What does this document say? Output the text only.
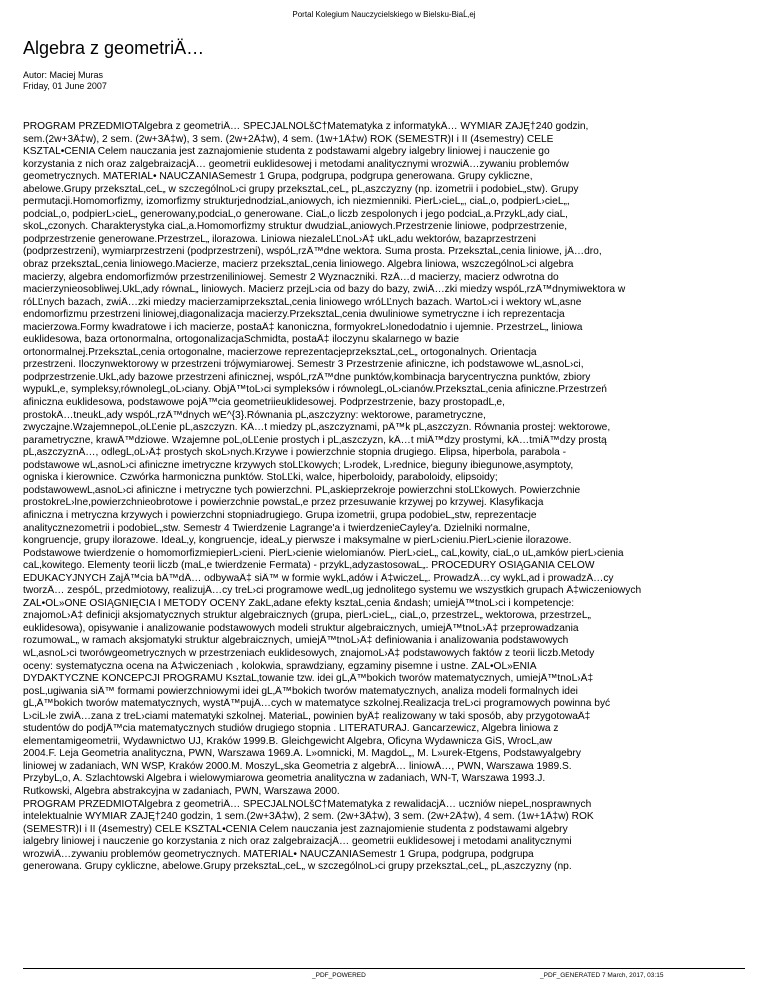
Portal Kolegium Nauczycielskiego w Bielsku-BiaĹ‚ej
Algebra z geometriÄ…
Autor: Maciej Muras
Friday, 01 June 2007
PROGRAM PRZEDMIOTAlgebra z geometriÄ… SPECJALNOĹšĆ†Matematyka z informatykÄ… WYMIAR ZAJĘ†240 godzin,
sem.(2w+3Ä‡w), 2 sem. (2w+3Ä‡w), 3 sem. (2w+2Ä‡w), 4 sem. (1w+1Ä‡w) ROK (SEMESTR)I i II (4semestry) CELE
KSZTAĹ•CENIA Celem nauczania jest zaznajomienie studenta z podstawami algebry ialgebry liniowej i nauczenie go
korzystania z nich oraz zalgebraizacjÄ… geometrii euklidesowej i metodami analitycznymi wrozwiÄ…zywaniu problemów
geometrycznych. MATERIAĹ• NAUCZANIASemestr 1 Grupa, podgrupa, podgrupa generowana. Grupy cykliczne,
abelowe.Grupy przeksztaĹ‚ceĹ„ w szczególnoĹ›ci grupy przeksztaĹ‚ceĹ„ pĹ‚aszczyzny (np. izometrii i podobieĹ„stw). Grupy
permutacji.Homomorfizmy, izomorfizmy strukturjednodziaĹ‚aniowych, ich niezmienniki. PierĹ›cieĹ„, ciaĹ‚o, podpierĹ›cieĹ„,
podciaĹ‚o, podpierĹ›cieĹ„ generowany,podciaĹ‚o generowane. CiaĹ‚o liczb zespolonych i jego podciaĹ‚a.PrzykĹ‚ady ciaĹ‚
skoĹ„czonych. Charakterystyka ciaĹ‚a.Homomorfizmy struktur dwudziaĹ‚aniowych.Przestrzenie liniowe, podprzestrzenie,
podprzestrzenie generowane.PrzestrzeĹ„ ilorazowa. Liniowa niezaleĹĽnoĹ›Ä‡ ukĹ‚adu wektorów, bazaprzestrzeni
(podprzestrzeni), wymiarprzestrzeni (podprzestrzeni), wspóĹ‚rzÄ™dne wektora. Suma prosta. PrzeksztaĹ‚cenia liniowe, jÄ…dro,
obraz przeksztaĹ‚cenia liniowego.Macierze, macierz przeksztaĹ‚cenia liniowego. Algebra liniowa, wszczególnoĹ›ci algebra
macierzy, algebra endomorfizmów przestrzeniliniowej. Semestr 2 Wyznaczniki. RzÄ…d macierzy, macierz odwrotna do
macierzynieosobliwej.UkĹ‚ady równaĹ„ liniowych. Macierz przejĹ›cia od bazy do bazy, zwiÄ…zki miedzy wspóĹ‚rzÄ™dnymiwektora w
róĹĽnych bazach, zwiÄ…zki miedzy macierzamiprzeksztaĹ‚cenia liniowego wróĹĽnych bazach. WartoĹ›ci i wektory wĹ‚asne
endomorfizmu przestrzeni liniowej,diagonalizacja macierzy.PrzeksztaĹ‚cenia dwuliniowe symetryczne i ich reprezentacja
macierzowa.Formy kwadratowe i ich macierze, postaÄ‡ kanoniczna, formyokreĹ›lonedodatnio i ujemnie. PrzestrzeĹ„ liniowa
euklidesowa, baza ortonormalna, ortogonalizacjaSchmidta, postaÄ‡ iloczynu skalarnego w bazie
ortonormalnej.PrzeksztaĹ‚cenia ortogonalne, macierzowe reprezentacjeprzeksztaĹ‚ceĹ„ ortogonalnych. Orientacja
przestrzeni. Iloczynwektorowy w przestrzeni trójwymiarowej. Semestr 3 Przestrzenie afiniczne, ich podstawowe wĹ‚asnoĹ›ci,
podprzestrzenie.UkĹ‚ady bazowe przestrzeni afinicznej, wspóĹ‚rzÄ™dne punktów,kombinacja barycentryczna punktów, zbiory
wypukĹ‚e, sympleksy,równolegĹ‚oĹ›ciany. ObjÄ™toĹ›ci sympleksów i równolegĹ‚oĹ›cianów.PrzeksztaĹ‚cenia afiniczne.Przestrzeń
afiniczna euklidesowa, podstawowe pojÄ™cia geometriieuklidesowej. Podprzestrzenie, bazy prostopadĹ‚e,
prostokÄ…tneukĹ‚ady wspóĹ‚rzÄ™dnych wE^{3}.Równania pĹ‚aszczyzny: wektorowe, parametryczne,
zwyczajne.WzajemnepoĹ‚oĹĽenie pĹ‚aszczyzn. KÄ…t miedzy pĹ‚aszczyznami, pÄ™k pĹ‚aszczyzn. Równania prostej: wektorowe,
parametryczne, krawÄ™dziowe. Wzajemne poĹ‚oĹĽenie prostych i pĹ‚aszczyzn, kÄ…t miÄ™dzy prostymi, kÄ…tmiÄ™dzy prostą
pĹ‚aszczyznÄ…, odlegĹ‚oĹ›Ä‡ prostych skoĹ›nych.Krzywe i powierzchnie stopnia drugiego. Elipsa, hiperbola, parabola -
podstawowe wĹ‚asnoĹ›ci afiniczne imetryczne krzywych stoĹĽkowych; Ĺ›rodek, Ĺ›rednice, bieguny ibiegunowe,asymptoty,
ogniska i kierownice. Czwórka harmoniczna punktów. StoĹĽki, walce, hiperboloidy, paraboloidy, elipsoidy;
podstawowewĹ‚asnoĹ›ci afiniczne i metryczne tych powierzchni. PĹ‚askieprzekroje powierzchni stoĹĽkowych. Powierzchnie
prostokreĹ›lne,powierzchnieobrotowe i powierzchnie powstaĹ‚e przez przesuwanie krzywej po krzywej. Klasyfikacja
afiniczna i metryczna krzywych i powierzchni stopniadrugiego. Grupa izometrii, grupa podobieĹ„stw, reprezentacje
analitycznezometrii i podobieĹ„stw. Semestr 4 Twierdzenie Lagrange'a i twierdzenieCayley'a. Dzielniki normalne,
kongruencje, grupy ilorazowe. IdeaĹ‚y, kongruencje, ideaĹ‚y pierwsze i maksymalne w pierĹ›cieniu.PierĹ›cienie ilorazowe.
Podstawowe twierdzenie o homomorfizmiepierĹ›cieni. PierĹ›cienie wielomianów. PierĹ›cieĹ„ caĹ‚kowity, ciaĹ‚o uĹ‚amków pierĹ›cienia
caĹ‚kowitego. Elementy teorii liczb (maĹ‚e twierdzenie Fermata) - przykĹ‚adyzastosowaĹ„. PROCEDURY OSIĄGANIA CELÓW
EDUKACYJNYCH ZajÄ™cia bÄ™dÄ… odbywaÄ‡ siÄ™ w formie wykĹ‚adów i Ä‡wiczeĹ„. ProwadzÄ…cy wykĹ‚ad i prowadzÄ…cy
tworzÄ… zespóĹ‚ przedmiotowy, realizujÄ…cy treĹ›ci programowe wedĹ‚ug jednolitego systemu we wszystkich grupach Ä‡wiczeniowych
ZAĹ•OĹ»ONE OSIĄGNIĘCIA I METODY OCENY ZakĹ‚adane efekty ksztaĹ‚cenia &ndash; umiejÄ™tnoĹ›ci i kompetencje:
znajomoĹ›Ä‡ definicji aksjomatycznych struktur algebraicznych (grupa, pierĹ›cieĹ„, ciaĹ‚o, przestrzeĹ„ wektorowa, przestrzeĹ„
euklidesowa), opisywanie i analizowanie podstawowych modeli struktur algebraicznych, umiejÄ™tnoĹ›Ä‡ przeprowadzania
rozumowaĹ„ w ramach aksjomatyki struktur algebraicznych, umiejÄ™tnoĹ›Ä‡ definiowania i analizowania podstawowych
wĹ‚asnoĹ›ci tworówgeometrycznych w przestrzeniach euklidesowych, znajomoĹ›Ä‡ podstawowych faktów z teorii liczb.Metody
oceny: systematyczna ocena na Ä‡wiczeniach , kolokwia, sprawdziany, egzaminy pisemne i ustne. ZAĹ•OĹ»ENIA
DYDAKTYCZNE KONCEPCJI PROGRAMU KsztaĹ‚towanie tzw. idei gĹ‚Ä™bokich tworów matematycznych, umiejÄ™tnoĹ›Ä‡
posĹ‚ugiwania siÄ™ formami powierzchniowymi idei gĹ‚Ä™bokich tworów matematycznych, analiza modeli formalnych idei
gĹ‚Ä™bokich tworów matematycznych, wystÄ™pujÄ…cych w matematyce szkolnej.Realizacja treĹ›ci programowych powinna być
Ĺ›ciĹ›le zwiÄ…zana z treĹ›ciami matematyki szkolnej. MateriaĹ‚ powinien byÄ‡ realizowany w taki sposób, aby przygotowaÄ‡
studentów do podjÄ™cia matematycznych studiów drugiego stopnia . LITERATURAJ. Gancarzewicz, Algebra liniowa z
elementamigeometrii, Wydawnictwo UJ, Kraków 1999.B. Gleichgewicht Algebra, Oficyna Wydawnicza GiS, WrocĹ‚aw
2004.F. Leja Geometria analityczna, PWN, Warszawa 1969.A. Ĺ»omnicki, M. MagdoĹ„, M. Ĺ»urek-Etgens, Podstawyalgebry
liniowej w zadaniach, WN WSP, Kraków 2000.M. MoszyĹ„ska Geometria z algebrÄ… liniowÄ…, PWN, Warszawa 1989.S.
PrzybyĹ‚o, A. Szlachtowski Algebra i wielowymiarowa geometria analityczna w zadaniach, WN-T, Warszawa 1993.J.
Rutkowski, Algebra abstrakcyjna w zadaniach, PWN, Warszawa 2000.
PROGRAM PRZEDMIOTAlgebra z geometriÄ… SPECJALNOĹšĆ†Matematyka z rewalidacjÄ… uczniów niepeĹ‚nosprawnych
intelektualnie WYMIAR ZAJĘ†240 godzin, 1 sem.(2w+3Ä‡w), 2 sem. (2w+3Ä‡w), 3 sem. (2w+2Ä‡w), 4 sem. (1w+1Ä‡w) ROK
(SEMESTR)I i II (4semestry) CELE KSZTAĹ•CENIA Celem nauczania jest zaznajomienie studenta z podstawami algebry
ialgebry liniowej i nauczenie go korzystania z nich oraz zalgebraizacjÄ… geometrii euklidesowej i metodami analitycznymi
wrozwiÄ…zywaniu problemów geometrycznych. MATERIAĹ• NAUCZANIASemestr 1 Grupa, podgrupa, podgrupa
generowana. Grupy cykliczne, abelowe.Grupy przeksztaĹ‚ceĹ„ w szczególnoĹ›ci grupy przeksztaĹ‚ceĹ„ pĹ‚aszczyzny (np.
_PDF_POWERED	_PDF_GENERATED 7 March, 2017, 03:15
